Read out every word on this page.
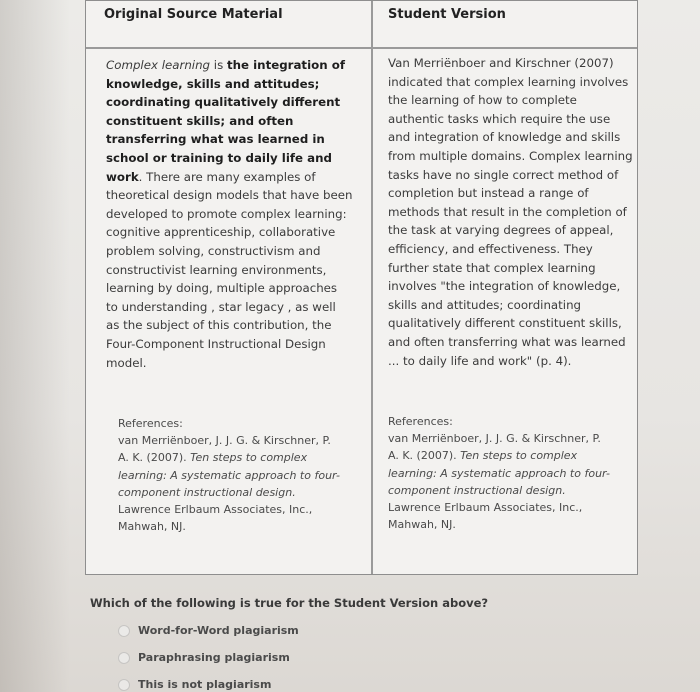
Original Source Material	Student Version
Complex learning is the integration of
knowledge, skills and attitudes;
coordinating qualitatively different
constituent skills; and often
transferring what was learned in
school or training to daily life and
work. There are many examples of
theoretical design models that have been
developed to promote complex learning:
cognitive apprenticeship, collaborative
problem solving, constructivism and
constructivist learning environments,
learning by doing, multiple approaches
to understanding , star legacy , as well
as the subject of this contribution, the
Four-Component Instructional Design
model.
Van Merriënboer and Kirschner (2007)
indicated that complex learning involves
the learning of how to complete
authentic tasks which require the use
and integration of knowledge and skills
from multiple domains. Complex learning
tasks have no single correct method of
completion but instead a range of
methods that result in the completion of
the task at varying degrees of appeal,
efficiency, and effectiveness. They
further state that complex learning
involves "the integration of knowledge,
skills and attitudes; coordinating
qualitatively different constituent skills,
and often transferring what was learned
... to daily life and work" (p. 4).
References:
van Merriënboer, J. J. G. & Kirschner, P.
A. K. (2007). Ten steps to complex
learning: A systematic approach to four-
component instructional design.
Lawrence Erlbaum Associates, Inc.,
Mahwah, NJ.
References:
van Merriënboer, J. J. G. & Kirschner, P.
A. K. (2007). Ten steps to complex
learning: A systematic approach to four-
component instructional design.
Lawrence Erlbaum Associates, Inc.,
Mahwah, NJ.
Which of the following is true for the Student Version above?
Word-for-Word plagiarism
Paraphrasing plagiarism
This is not plagiarism
